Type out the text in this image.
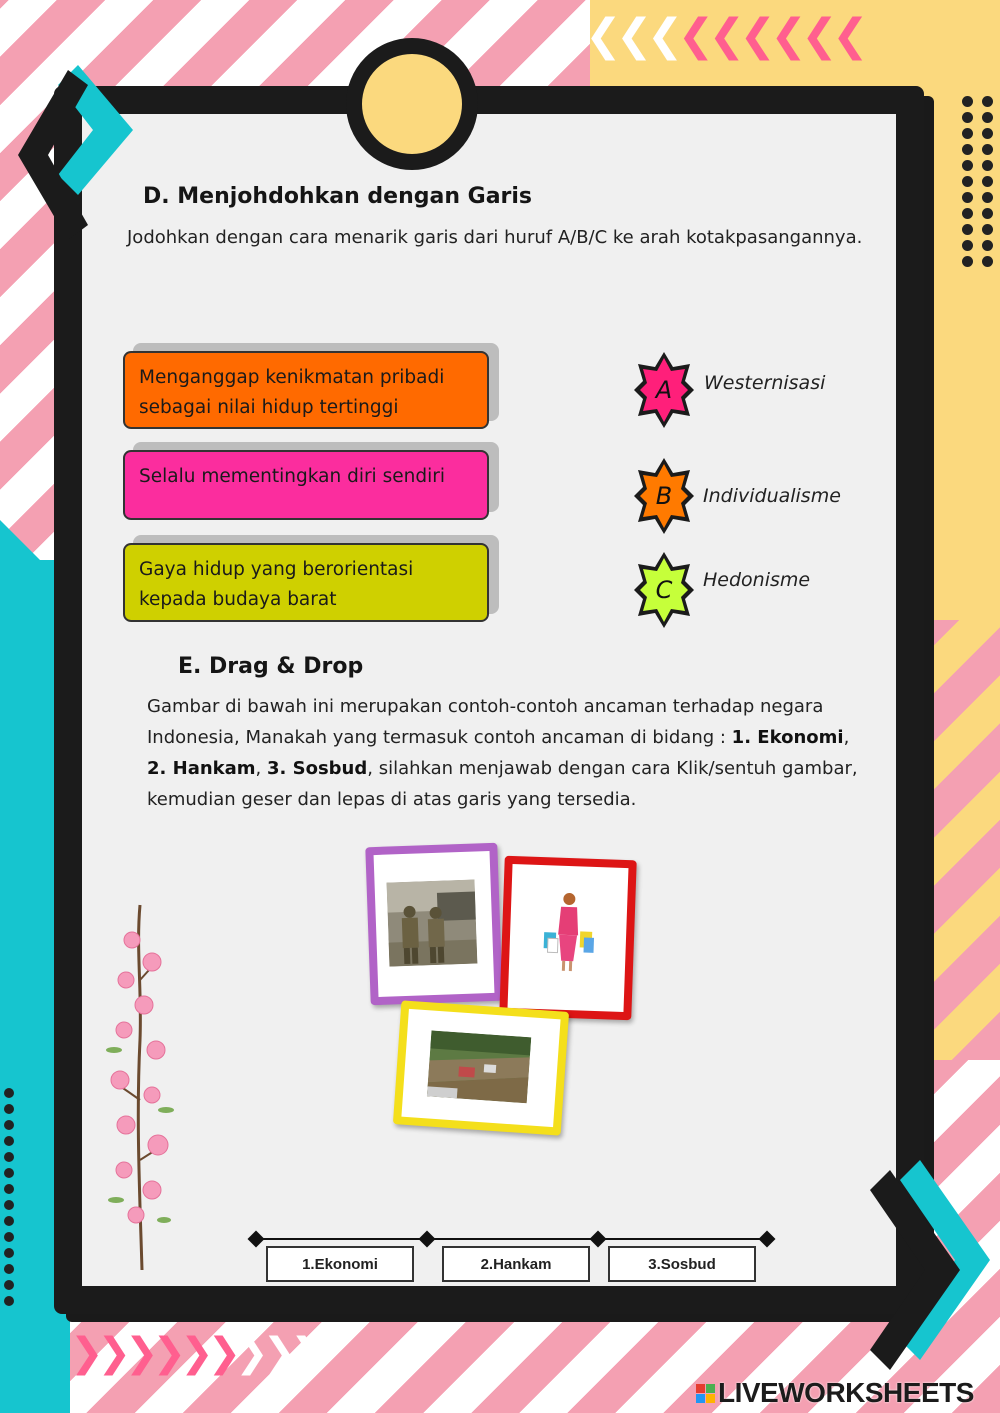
❮❮❮❮❮❮❮❮❮
❯❯❯❯❯❯❯❯❯
D. Menjohdohkan dengan Garis
Jodohkan dengan cara menarik garis dari huruf A/B/C ke arah kotakpasangannya.
Menganggap kenikmatan pribadi sebagai nilai hidup tertinggi
Selalu mementingkan diri sendiri
Gaya hidup yang berorientasi kepada budaya barat
A
B
C
Westernisasi
Individualisme
Hedonisme
E. Drag & Drop
Gambar di bawah ini merupakan contoh-contoh ancaman terhadap negara Indonesia, Manakah yang termasuk contoh ancaman di bidang : 1. Ekonomi, 2. Hankam, 3. Sosbud, silahkan menjawab dengan cara Klik/sentuh gambar, kemudian geser dan lepas di atas garis yang tersedia.
1.Ekonomi	2.Hankam	3.Sosbud
LIVEWORKSHEETS
